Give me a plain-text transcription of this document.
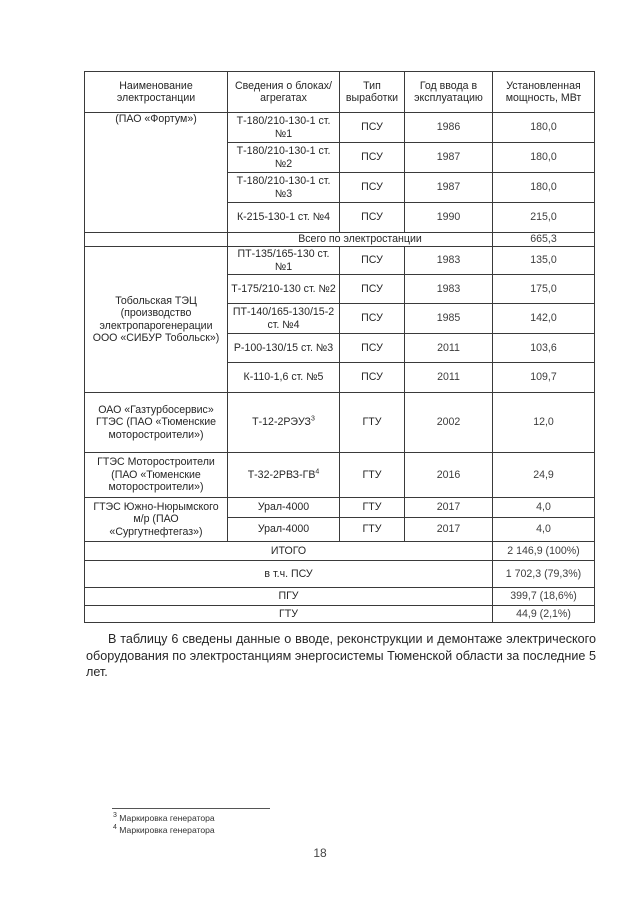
Наименование электростанции	Сведения о блоках/ агрегатах	Тип выработки	Год ввода в эксплуатацию	Установленная мощность, МВт
(ПАО «Фортум»)	Т-180/210-130-1 ст. №1	ПСУ	1986	180,0
	Т-180/210-130-1 ст. №2	ПСУ	1987	180,0
	Т-180/210-130-1 ст. №3	ПСУ	1987	180,0
	К-215-130-1 ст. №4	ПСУ	1990	215,0
	Всего по электростанции			665,3
Тобольская ТЭЦ (производство электропарогенерации ООО «СИБУР Тобольск»)	ПТ-135/165-130 ст. №1	ПСУ	1983	135,0
	Т-175/210-130 ст. №2	ПСУ	1983	175,0
	ПТ-140/165-130/15-2 ст. №4	ПСУ	1985	142,0
	Р-100-130/15 ст. №3	ПСУ	2011	103,6
	К-110-1,6 ст. №5	ПСУ	2011	109,7
ОАО «Газтурбосервис» ГТЭС (ПАО «Тюменские моторостроители»)	Т-12-2РЭУЗ$^3$	ГТУ	2002	12,0
ГТЭС Моторостроители (ПАО «Тюменские моторостроители»)	$Т-32-2РВЗ-ГВ^4$	ГТУ	2016	24,9
ГТЭС Южно-Нюрымского м/р (ПАО «Сургутнефтегаз»)	Урал-4000	ГТУ	2017	4,0
	Урал-4000	ГТУ	2017	4,0
ИТОГО				2 146,9 (100%)
в т.ч. ПСУ				1 702,3 (79,3%)
ПГУ				399,7 (18,6%)
ГТУ				44,9 (2,1%)
В таблицу 6 сведены данные о вводе, реконструкции и демонтаже электрического оборудования по электростанциям энергосистемы Тюменской области за последние 5 лет.
$^3$ Маркировка генератора
$^4$ Маркировка генератора
18
